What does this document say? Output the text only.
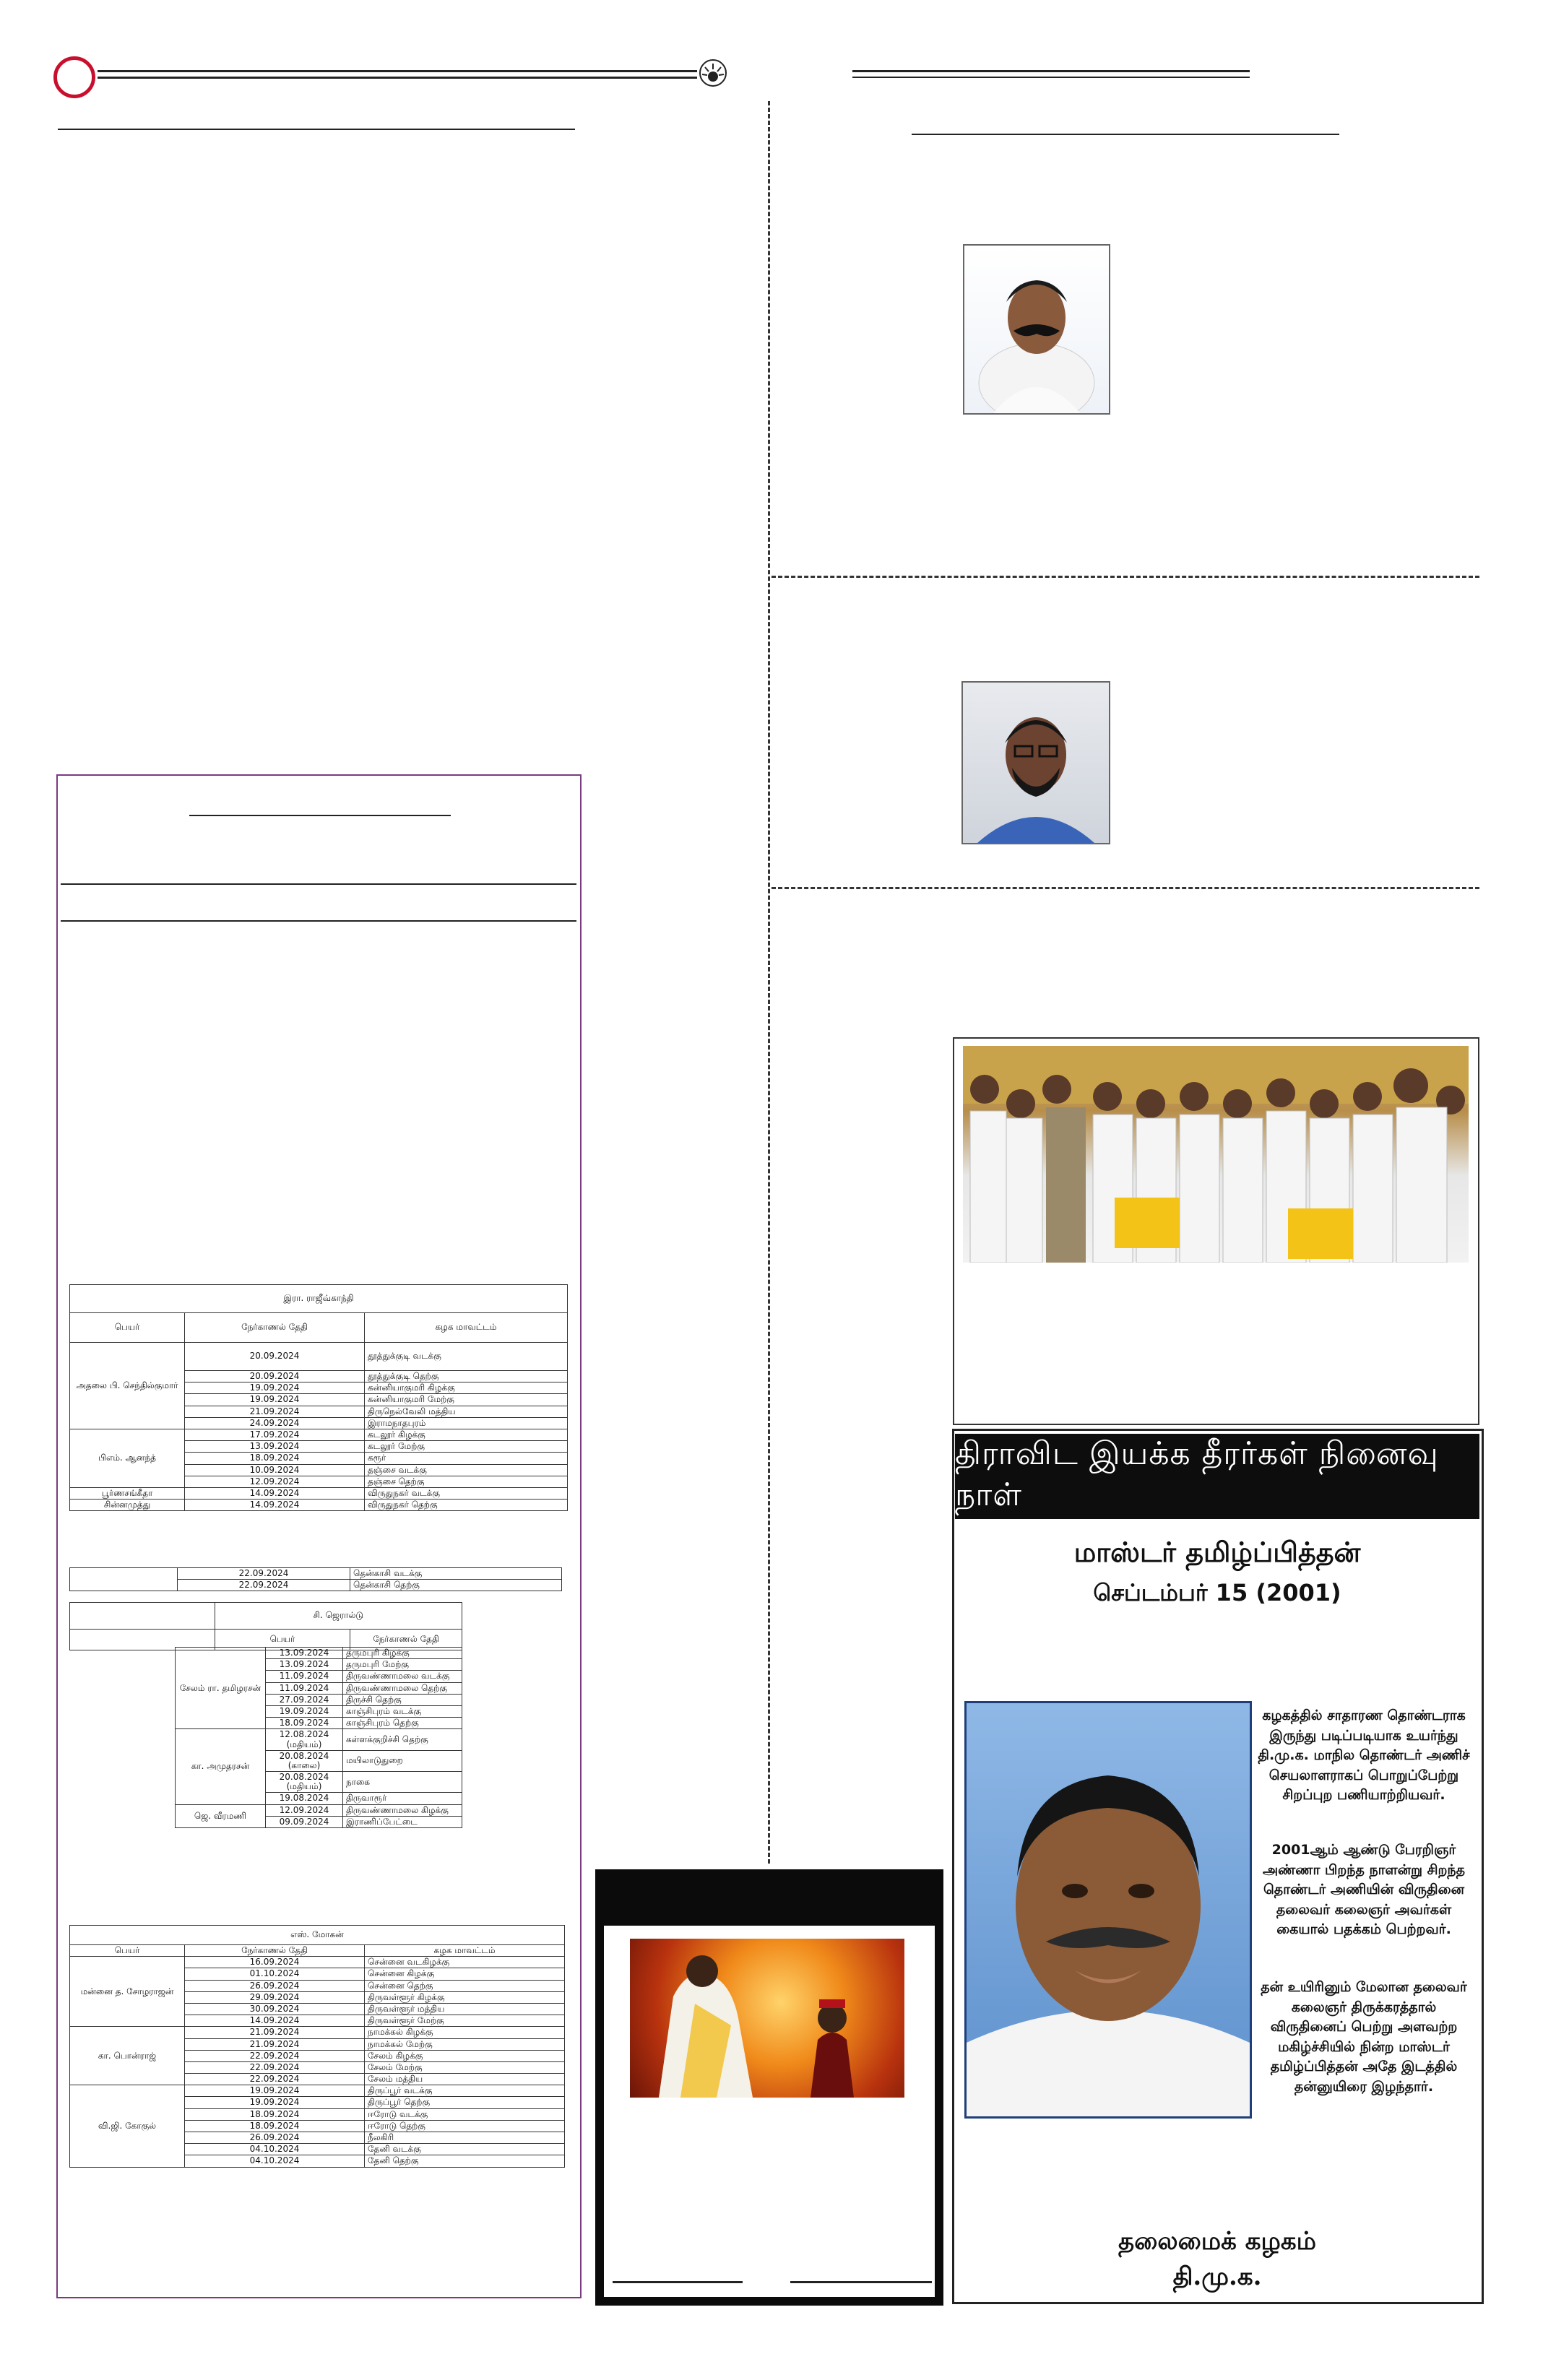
இரா. ராஜீவ்காந்தி		
பெயர்	நேர்காணல் தேதி	கழக மாவட்டம்
அதலை பி. செந்தில்குமார்	20.09.2024	தூத்துக்குடி வடக்கு
	20.09.2024	தூத்துக்குடி தெற்கு
	19.09.2024	கன்னியாகுமரி கிழக்கு
	19.09.2024	கன்னியாகுமரி மேற்கு
	21.09.2024	திருநெல்வேலி மத்திய
	24.09.2024	இராமநாதபுரம்
பிஎம். ஆனந்த்	17.09.2024	கடலூர் கிழக்கு
	13.09.2024	கடலூர் மேற்கு
	18.09.2024	கரூர்
	10.09.2024	தஞ்சை வடக்கு
	12.09.2024	தஞ்சை தெற்கு
பூர்ணசங்கீதா	14.09.2024	விருதுநகர் வடக்கு
சின்னமுத்து	14.09.2024	விருதுநகர் தெற்கு
	22.09.2024	தென்காசி வடக்கு
	22.09.2024	தென்காசி தெற்கு
	சி. ஜெரால்டு	
	பெயர்	நேர்காணல் தேதி
சேலம் ரா. தமிழரசன்	13.09.2024	தருமபுரி கிழக்கு
	13.09.2024	தருமபுரி மேற்கு
	11.09.2024	திருவண்ணாமலை வடக்கு
	11.09.2024	திருவண்ணாமலை தெற்கு
	27.09.2024	திருச்சி தெற்கு
	19.09.2024	காஞ்சிபுரம் வடக்கு
	18.09.2024	காஞ்சிபுரம் தெற்கு
கா. அமுதரசன்	12.08.2024 (மதியம்)	கள்ளக்குறிச்சி தெற்கு
	20.08.2024 (காலை)	மயிலாடுதுறை
	20.08.2024 (மதியம்)	நாகை
	19.08.2024	திருவாரூர்
ஜெ. வீரமணி	12.09.2024	திருவண்ணாமலை கிழக்கு
	09.09.2024	இராணிப்பேட்டை
எஸ். மோகன்		
பெயர்	நேர்காணல் தேதி	கழக மாவட்டம்
மன்னை த. சோழராஜன்	16.09.2024	சென்னை வடகிழக்கு
	01.10.2024	சென்னை கிழக்கு
	26.09.2024	சென்னை தெற்கு
	29.09.2024	திருவள்ளூர் கிழக்கு
	30.09.2024	திருவள்ளூர் மத்திய
	14.09.2024	திருவள்ளூர் மேற்கு
கா. பொன்ராஜ்	21.09.2024	நாமக்கல் கிழக்கு
	21.09.2024	நாமக்கல் மேற்கு
	22.09.2024	சேலம் கிழக்கு
	22.09.2024	சேலம் மேற்கு
	22.09.2024	சேலம் மத்திய
வி.ஜி. கோகுல்	19.09.2024	திருப்பூர் வடக்கு
	19.09.2024	திருப்பூர் தெற்கு
	18.09.2024	ஈரோடு வடக்கு
	18.09.2024	ஈரோடு தெற்கு
	26.09.2024	நீலகிரி
	04.10.2024	தேனி வடக்கு
	04.10.2024	தேனி தெற்கு
திராவிட இயக்க தீரர்கள் நினைவு நாள்
மாஸ்டர் தமிழ்ப்பித்தன்
செப்டம்பர் 15 (2001)
கழகத்தில் சாதாரண தொண்டராக இருந்து படிப்படியாக உயர்ந்து தி.மு.க. மாநில தொண்டர் அணிச் செயலாளராகப் பொறுப்பேற்று சிறப்புற பணியாற்றியவர்.
2001ஆம் ஆண்டு பேரறிஞர் அண்ணா பிறந்த நாளன்று சிறந்த தொண்டர் அணியின் விருதினை தலைவர் கலைஞர் அவர்கள் கையால் பதக்கம் பெற்றவர்.
தன் உயிரினும் மேலான தலைவர் கலைஞர் திருக்கரத்தால் விருதினைப் பெற்று அளவற்ற மகிழ்ச்சியில் நின்ற மாஸ்டர் தமிழ்ப்பித்தன் அதே இடத்தில் தன்னுயிரை இழந்தார்.
தலைமைக் கழகம்
தி.மு.க.
